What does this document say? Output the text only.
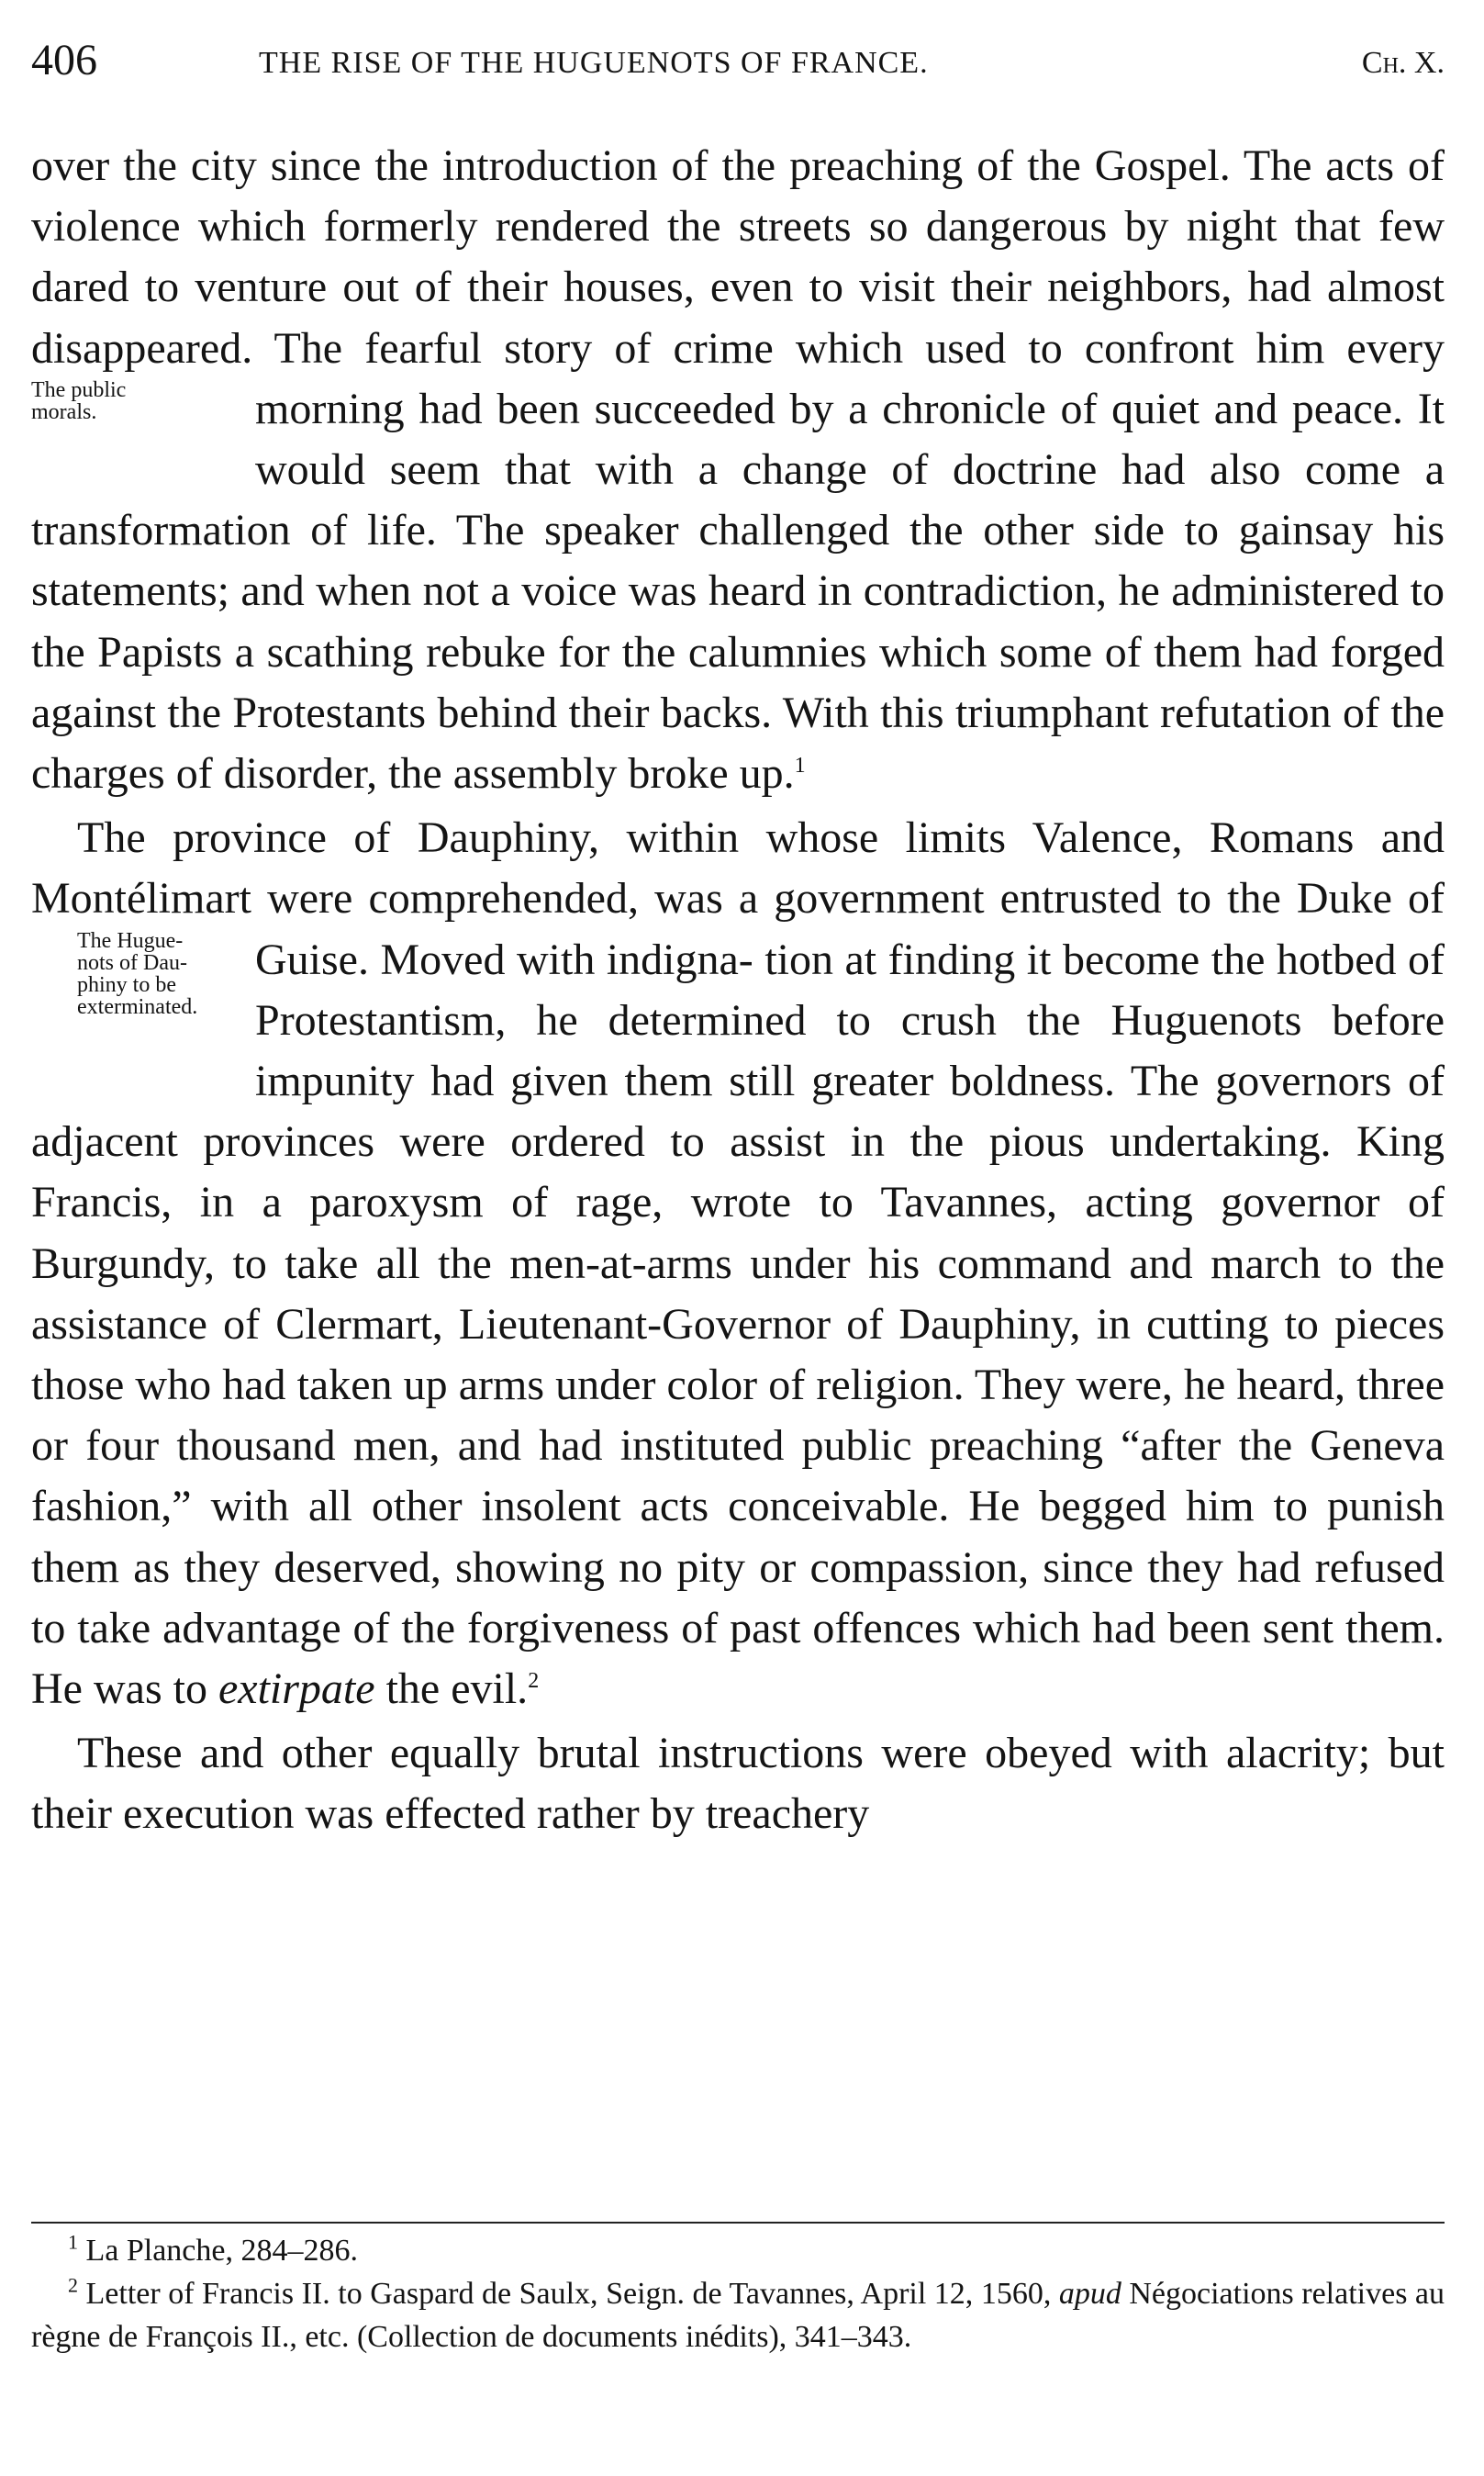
406	THE RISE OF THE HUGUENOTS OF FRANCE.	Ch. X.

over the city since the introduction of the preaching of the Gospel. The acts of violence which formerly rendered the streets so dangerous by night that few dared to venture out of their houses, even to visit their neighbors, had almost disappeared. The fearful story of crime which used to confront him every morning had been succeeded by a chronicle of quiet
The public
morals.	and peace. It would seem that with a change of doctrine had also come a transformation of life. The speaker challenged the other side to gainsay his statements; and when not a voice was heard in contradiction, he administered to the Papists a scathing rebuke for the calumnies which some of them had forged against the Protestants behind their backs. With this triumphant refutation of the charges of disorder, the assembly broke up.$^1$

The province of Dauphiny, within whose limits Valence, Romans and Montélimart were comprehended, was a government entrusted to the Duke of Guise. Moved with indigna-
The Hugue-
nots of Dau-
phiny to be
exterminated.
tion at finding it become the hotbed of Protestantism, he determined to crush the Huguenots before impunity had given them still greater boldness. The governors of adjacent provinces were ordered to assist in the pious undertaking. King Francis, in a paroxysm of rage, wrote to Tavannes, acting governor of Burgundy, to take all the men-at-arms under his command and march to the assistance of Clermart, Lieutenant-Governor of Dauphiny, in cutting to pieces those who had taken up arms under color of religion. They were, he heard, three or four thousand men, and had instituted public preaching “after the Geneva fashion,” with all other insolent acts conceivable. He begged him to punish them as they deserved, showing no pity or compassion, since they had refused to take advantage of the forgiveness of past offences which had been sent them. He was to extirpate the evil.$^2$

These and other equally brutal instructions were obeyed with alacrity; but their execution was effected rather by treachery

$^1$ La Planche, 284–286.

$^2$ Letter of Francis II. to Gaspard de Saulx, Seign. de Tavannes, April 12, 1560, apud Négociations relatives au règne de François II., etc. (Collection de documents inédits), 341–343.
